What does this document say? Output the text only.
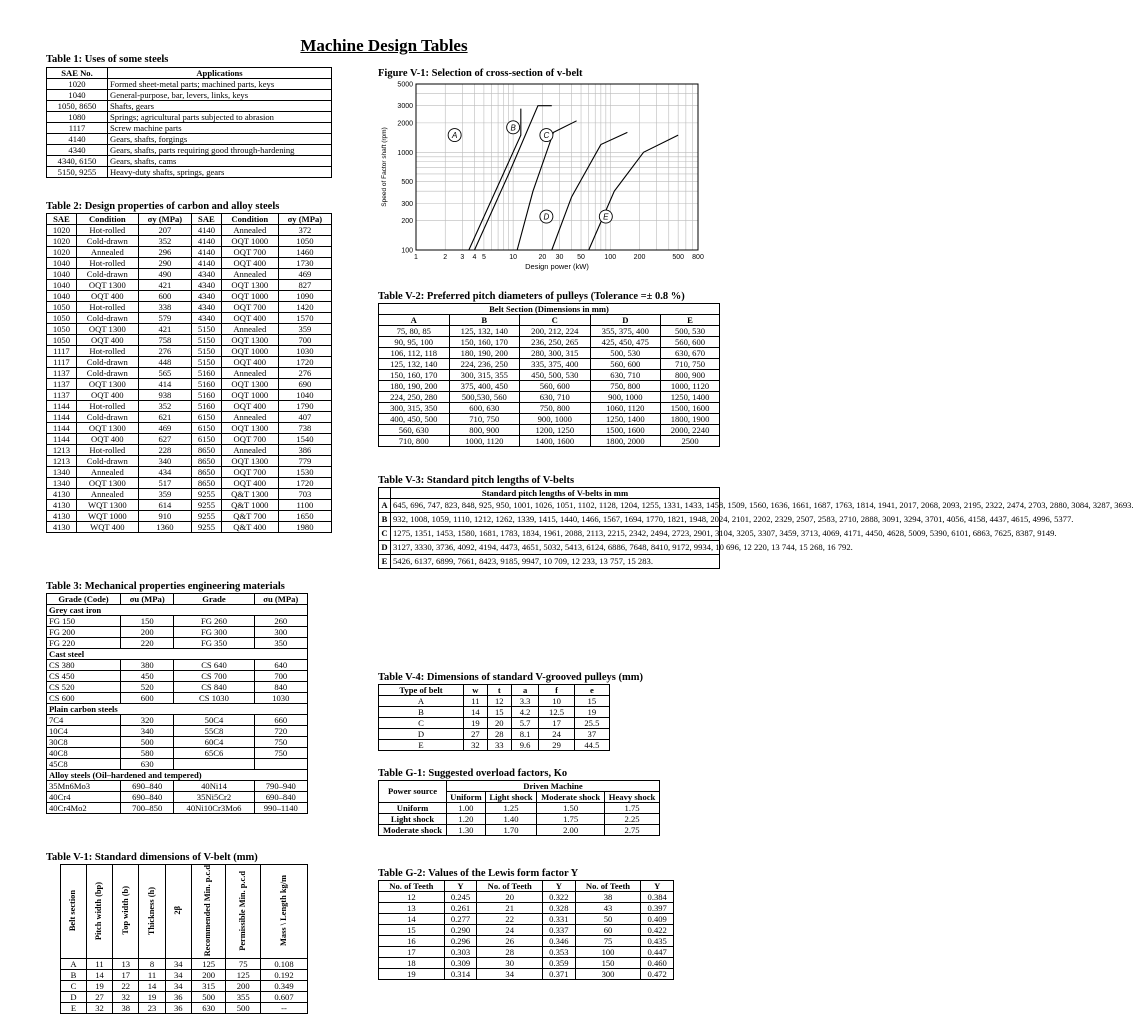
Machine Design Tables
Table 1: Uses of some steels
SAE No.	Applications
1020	Formed sheet-metal parts; machined parts, keys
1040	General-purpose, bar, levers, links, keys
1050, 8650	Shafts, gears
1080	Springs; agricultural parts subjected to abrasion
1117	Screw machine parts
4140	Gears, shafts, forgings
4340	Gears, shafts, parts requiring good through-hardening
4340, 6150	Gears, shafts, cams
5150, 9255	Heavy-duty shafts, springs, gears
Table 2: Design properties of carbon and alloy steels
SAE	Condition	σy (MPa)	SAE	Condition	σy (MPa)
1020	Hot-rolled	207	4140	Annealed	372
1020	Cold-drawn	352	4140	OQT 1000	1050
1020	Annealed	296	4140	OQT 700	1460
1040	Hot-rolled	290	4140	OQT 400	1730
1040	Cold-drawn	490	4340	Annealed	469
1040	OQT 1300	421	4340	OQT 1300	827
1040	OQT 400	600	4340	OQT 1000	1090
1050	Hot-rolled	338	4340	OQT 700	1420
1050	Cold-drawn	579	4340	OQT 400	1570
1050	OQT 1300	421	5150	Annealed	359
1050	OQT 400	758	5150	OQT 1300	700
1117	Hot-rolled	276	5150	OQT 1000	1030
1117	Cold-drawn	448	5150	OQT 400	1720
1137	Cold-drawn	565	5160	Annealed	276
1137	OQT 1300	414	5160	OQT 1300	690
1137	OQT 400	938	5160	OQT 1000	1040
1144	Hot-rolled	352	5160	OQT 400	1790
1144	Cold-drawn	621	6150	Annealed	407
1144	OQT 1300	469	6150	OQT 1300	738
1144	OQT 400	627	6150	OQT 700	1540
1213	Hot-rolled	228	8650	Annealed	386
1213	Cold-drawn	340	8650	OQT 1300	779
1340	Annealed	434	8650	OQT 700	1530
1340	OQT 1300	517	8650	OQT 400	1720
4130	Annealed	359	9255	Q&T 1300	703
4130	WQT 1300	614	9255	Q&T 1000	1100
4130	WQT 1000	910	9255	Q&T 700	1650
4130	WQT 400	1360	9255	Q&T 400	1980
Table 3: Mechanical properties engineering materials
Grade (Code)	σu (MPa)	Grade	σu (MPa)
Grey cast iron			
FG 150	150	FG 260	260
FG 200	200	FG 300	300
FG 220	220	FG 350	350
Cast steel			
CS 380	380	CS 640	640
CS 450	450	CS 700	700
CS 520	520	CS 840	840
CS 600	600	CS 1030	1030
Plain carbon steels			
7C4	320	50C4	660
10C4	340	55C8	720
30C8	500	60C4	750
40C8	580	65C6	750
45C8	630		
Alloy steels (Oil–hardened and tempered)			
35Mn6Mo3	690–840	40Ni14	790–940
40Cr4	690–840	35Ni5Cr2	690–840
40Cr4Mo2	700–850	40Ni10Cr3Mo6	990–1140
Table V-1: Standard dimensions of V-belt (mm)
Belt section	Pitch width (bp)	Top width (b)	Thickness (h)	2β	Recommended Min. p.c.d	Permissible Min. p.c.d	Mass \ Length kg/m
A	11	13	8	34	125	75	0.108
B	14	17	11	34	200	125	0.192
C	19	22	14	34	315	200	0.349
D	27	32	19	36	500	355	0.607
E	32	38	23	36	630	500	--
Figure V-1: Selection of cross-section of v-belt
1	2 3 4 5	10	20 30 50	100	200	500 800
5000
3000
2000
1000
500
300
200
100
Design power (kW)
Speed of Factor shaft (rpm)	A
B
C
D	E
Table V-2: Preferred pitch diameters of pulleys (Tolerance =± 0.8 %)
Belt Section (Dimensions in mm)				
A	B	C	D	E
75, 80, 85	125, 132, 140	200, 212, 224	355, 375, 400	500, 530
90, 95, 100	150, 160, 170	236, 250, 265	425, 450, 475	560, 600
106, 112, 118	180, 190, 200	280, 300, 315	500, 530	630, 670
125, 132, 140	224, 236, 250	335, 375, 400	560, 600	710, 750
150, 160, 170	300, 315, 355	450, 500, 530	630, 710	800, 900
180, 190, 200	375, 400, 450	560, 600	750, 800	1000, 1120
224, 250, 280	500,530, 560	630, 710	900, 1000	1250, 1400
300, 315, 350	600, 630	750, 800	1060, 1120	1500, 1600
400, 450, 500	710, 750	900, 1000	1250, 1400	1800, 1900
560, 630	800, 900	1200, 1250	1500, 1600	2000, 2240
710, 800	1000, 1120	1400, 1600	1800, 2000	2500
Table V-3: Standard pitch lengths of V-belts
	Standard pitch lengths of V-belts in mm
A	645, 696, 747, 823, 848, 925, 950, 1001, 1026, 1051, 1102, 1128, 1204, 1255, 1331, 1433, 1458, 1509, 1560, 1636, 1661, 1687, 1763, 1814, 1941, 2017, 2068, 2093, 2195, 2322, 2474, 2703, 2880, 3084, 3287, 3693.
B	932, 1008, 1059, 1110, 1212, 1262, 1339, 1415, 1440, 1466, 1567, 1694, 1770, 1821, 1948, 2024, 2101, 2202, 2329, 2507, 2583, 2710, 2888, 3091, 3294, 3701, 4056, 4158, 4437, 4615, 4996, 5377.
C	1275, 1351, 1453, 1580, 1681, 1783, 1834, 1961, 2088, 2113, 2215, 2342, 2494, 2723, 2901, 3104, 3205, 3307, 3459, 3713, 4069, 4171, 4450, 4628, 5009, 5390, 6101, 6863, 7625, 8387, 9149.
D	3127, 3330, 3736, 4092, 4194, 4473, 4651, 5032, 5413, 6124, 6886, 7648, 8410, 9172, 9934, 10 696, 12 220, 13 744, 15 268, 16 792.
E	5426, 6137, 6899, 7661, 8423, 9185, 9947, 10 709, 12 233, 13 757, 15 283.
Table V-4: Dimensions of standard V-grooved pulleys (mm)
Type of belt	w	t	a	f	e
A	11	12	3.3	10	15
B	14	15	4.2	12.5	19
C	19	20	5.7	17	25.5
D	27	28	8.1	24	37
E	32	33	9.6	29	44.5
Table G-1: Suggested overload factors, Ko
Power source	Driven Machine			
	Uniform	Light shock	Moderate shock	Heavy shock
Uniform	1.00	1.25	1.50	1.75
Light shock	1.20	1.40	1.75	2.25
Moderate shock	1.30	1.70	2.00	2.75
Table G-2: Values of the Lewis form factor Y
No. of Teeth	Y	No. of Teeth	Y	No. of Teeth	Y
12	0.245	20	0.322	38	0.384
13	0.261	21	0.328	43	0.397
14	0.277	22	0.331	50	0.409
15	0.290	24	0.337	60	0.422
16	0.296	26	0.346	75	0.435
17	0.303	28	0.353	100	0.447
18	0.309	30	0.359	150	0.460
19	0.314	34	0.371	300	0.472
